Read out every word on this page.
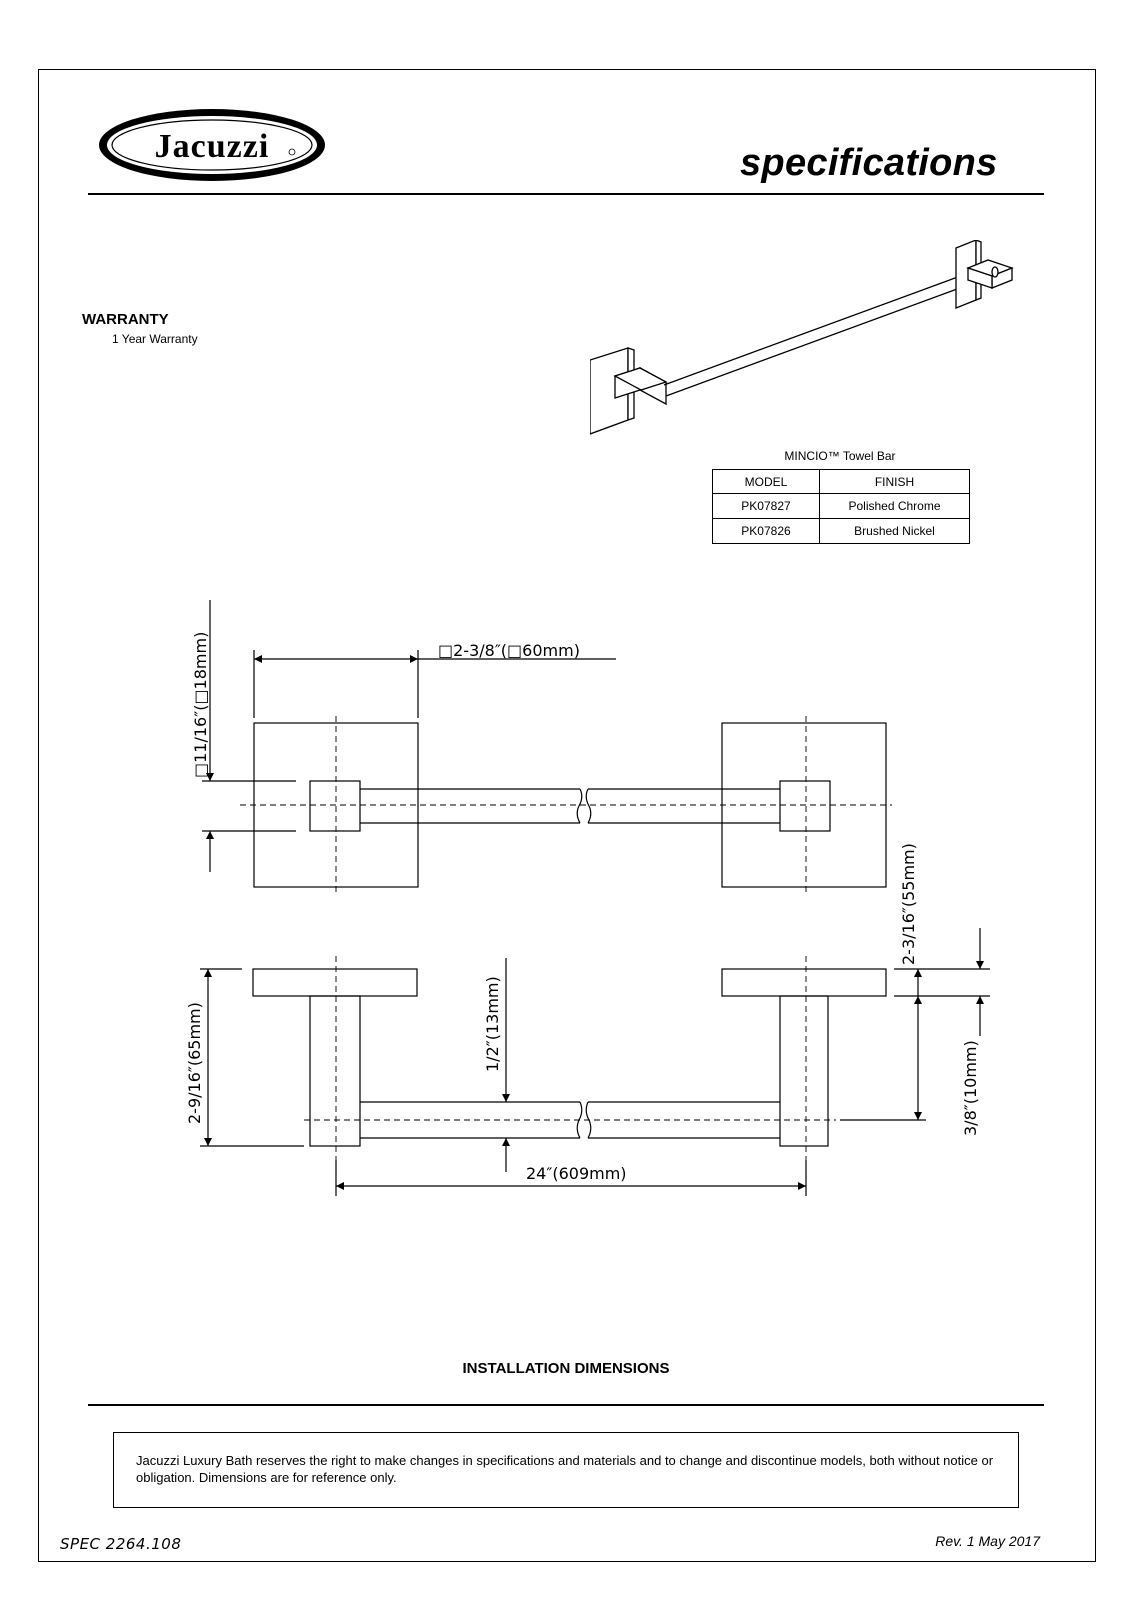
Jacuzzi	specifications
WARRANTY
1 Year Warranty
MINCIO™ Towel Bar
MODEL	FINISH
PK07827	Polished Chrome
PK07826	Brushed Nickel
□2-3/8″(□60mm)
□11/16″(□18mm)
2-9/16″(65mm)	1/2″(13mm)
24″(609mm)
2-3/16″(55mm)
3/8″(10mm)
INSTALLATION DIMENSIONS
Jacuzzi Luxury Bath reserves the right to make changes in specifications and materials and to change and discontinue models, both without notice or obligation. Dimensions are for reference only.
SPEC 2264.108	Rev. 1 May 2017
